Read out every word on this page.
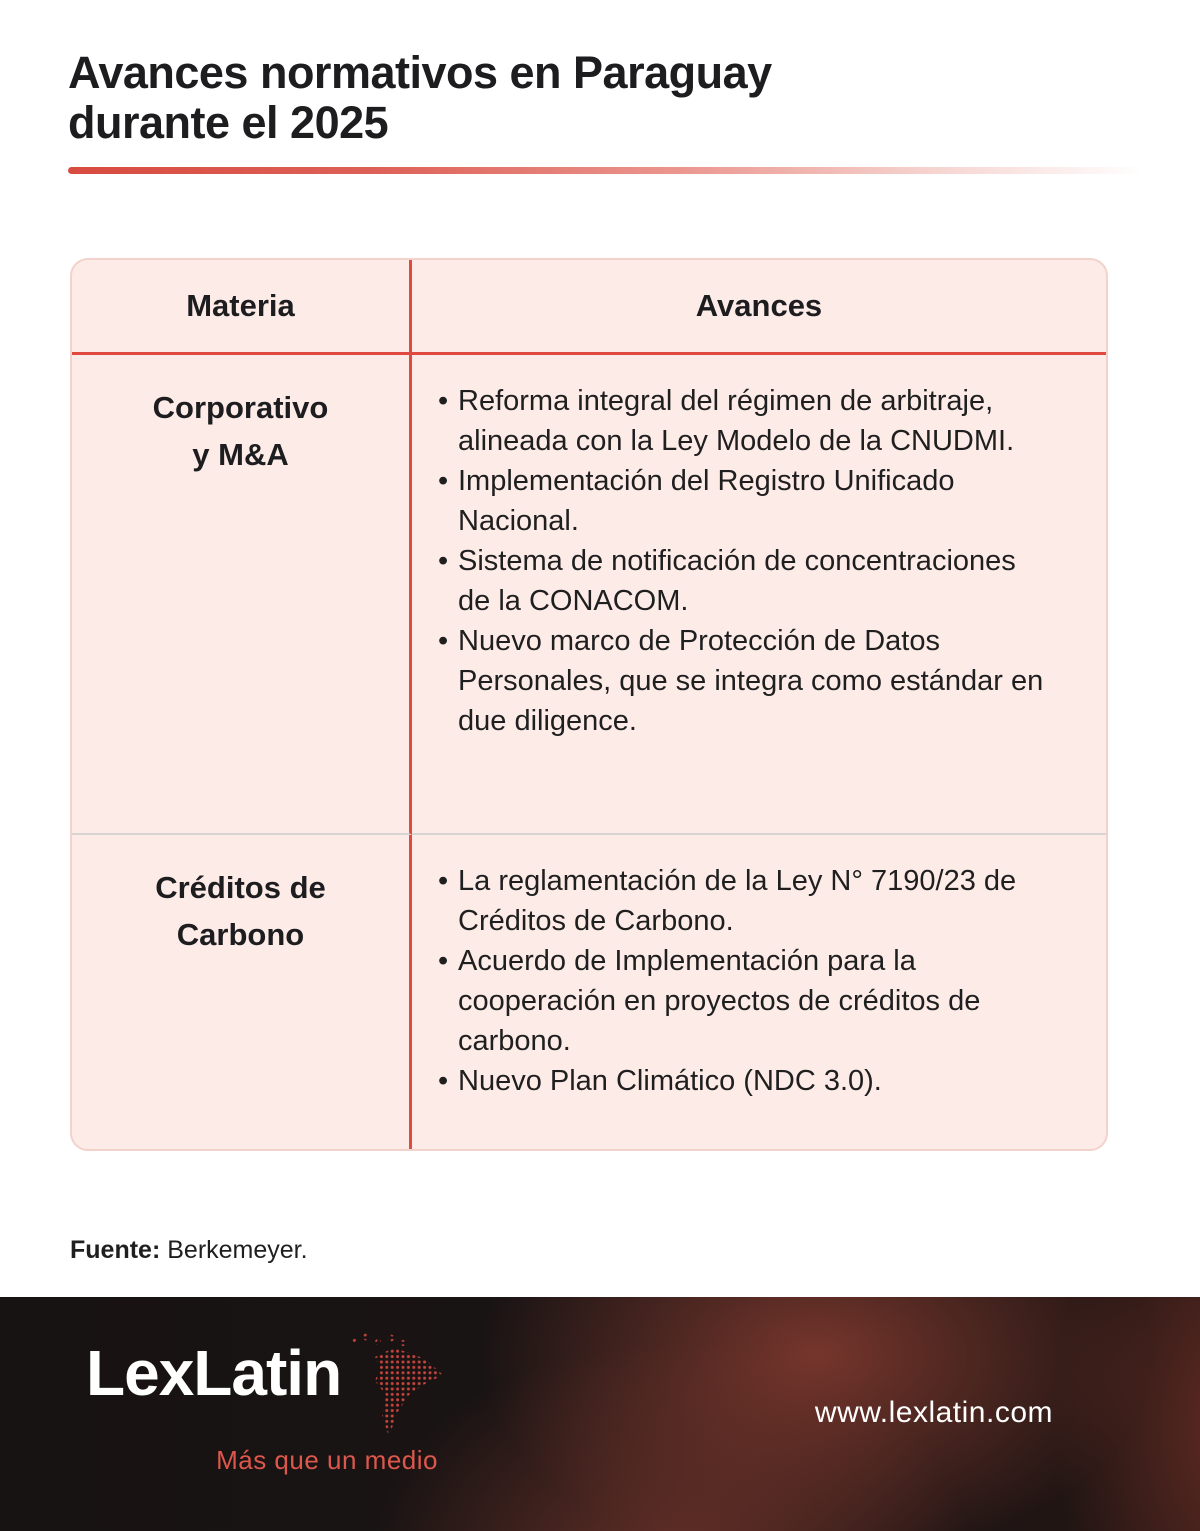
Avances normativos en Paraguay durante el 2025
Materia	Avances
Corporativo
y M&A
• Reforma integral del régimen de arbitraje, alineada con la Ley Modelo de la CNUDMI.
• Implementación del Registro Unificado Nacional.
• Sistema de notificación de concentraciones de la CONACOM.
• Nuevo marco de Protección de Datos Personales, que se integra como estándar en due diligence.
Créditos de
Carbono
• La reglamentación de la Ley N° 7190/23 de Créditos de Carbono.
• Acuerdo de Implementación para la cooperación en proyectos de créditos de carbono.
• Nuevo Plan Climático (NDC 3.0).

Fuente: Berkemeyer.

LexLatin
Más que un medio
www.lexlatin.com
